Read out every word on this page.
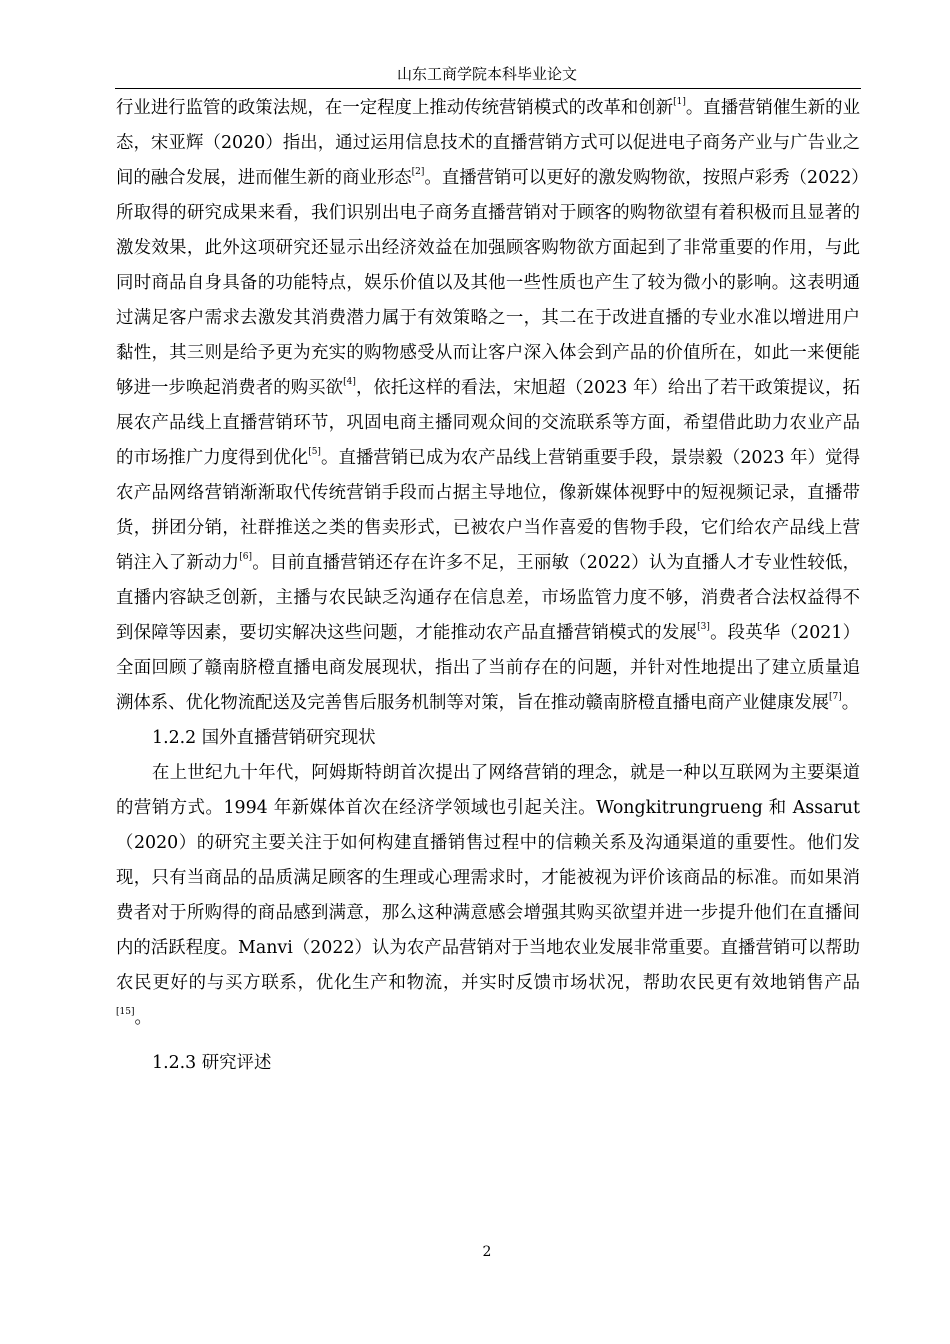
山东工商学院本科毕业论文

行业进行监管的政策法规，在一定程度上推动传统营销模式的改革和创新[1]。直播营销催生新的业态，宋亚辉（2020）指出，通过运用信息技术的直播营销方式可以促进电子商务产业与广告业之间的融合发展，进而催生新的商业形态[2]。直播营销可以更好的激发购物欲，按照卢彩秀（2022）所取得的研究成果来看，我们识别出电子商务直播营销对于顾客的购物欲望有着积极而且显著的激发效果，此外这项研究还显示出经济效益在加强顾客购物欲方面起到了非常重要的作用，与此同时商品自身具备的功能特点，娱乐价值以及其他一些性质也产生了较为微小的影响。这表明通过满足客户需求去激发其消费潜力属于有效策略之一，其二在于改进直播的专业水准以增进用户黏性，其三则是给予更为充实的购物感受从而让客户深入体会到产品的价值所在，如此一来便能够进一步唤起消费者的购买欲[4]，依托这样的看法，宋旭超（2023 年）给出了若干政策提议，拓展农产品线上直播营销环节，巩固电商主播同观众间的交流联系等方面，希望借此助力农业产品的市场推广力度得到优化[5]。直播营销已成为农产品线上营销重要手段，景崇毅（2023 年）觉得农产品网络营销渐渐取代传统营销手段而占据主导地位，像新媒体视野中的短视频记录，直播带货，拼团分销，社群推送之类的售卖形式，已被农户当作喜爱的售物手段，它们给农产品线上营销注入了新动力[6]。目前直播营销还存在许多不足，王丽敏（2022）认为直播人才专业性较低，直播内容缺乏创新，主播与农民缺乏沟通存在信息差，市场监管力度不够，消费者合法权益得不到保障等因素，要切实解决这些问题，才能推动农产品直播营销模式的发展[3]。段英华（2021）全面回顾了赣南脐橙直播电商发展现状，指出了当前存在的问题，并针对性地提出了建立质量追溯体系、优化物流配送及完善售后服务机制等对策，旨在推动赣南脐橙直播电商产业健康发展[7]。

1.2.2 国外直播营销研究现状

在上世纪九十年代，阿姆斯特朗首次提出了网络营销的理念，就是一种以互联网为主要渠道的营销方式。1994 年新媒体首次在经济学领域也引起关注。Wongkitrungrueng 和 Assarut（2020）的研究主要关注于如何构建直播销售过程中的信赖关系及沟通渠道的重要性。他们发现，只有当商品的品质满足顾客的生理或心理需求时，才能被视为评价该商品的标准。而如果消费者对于所购得的商品感到满意，那么这种满意感会增强其购买欲望并进一步提升他们在直播间内的活跃程度。Manvi（2022）认为农产品营销对于当地农业发展非常重要。直播营销可以帮助农民更好的与买方联系，优化生产和物流，并实时反馈市场状况，帮助农民更有效地销售产品[15]。

1.2.3 研究评述

2
